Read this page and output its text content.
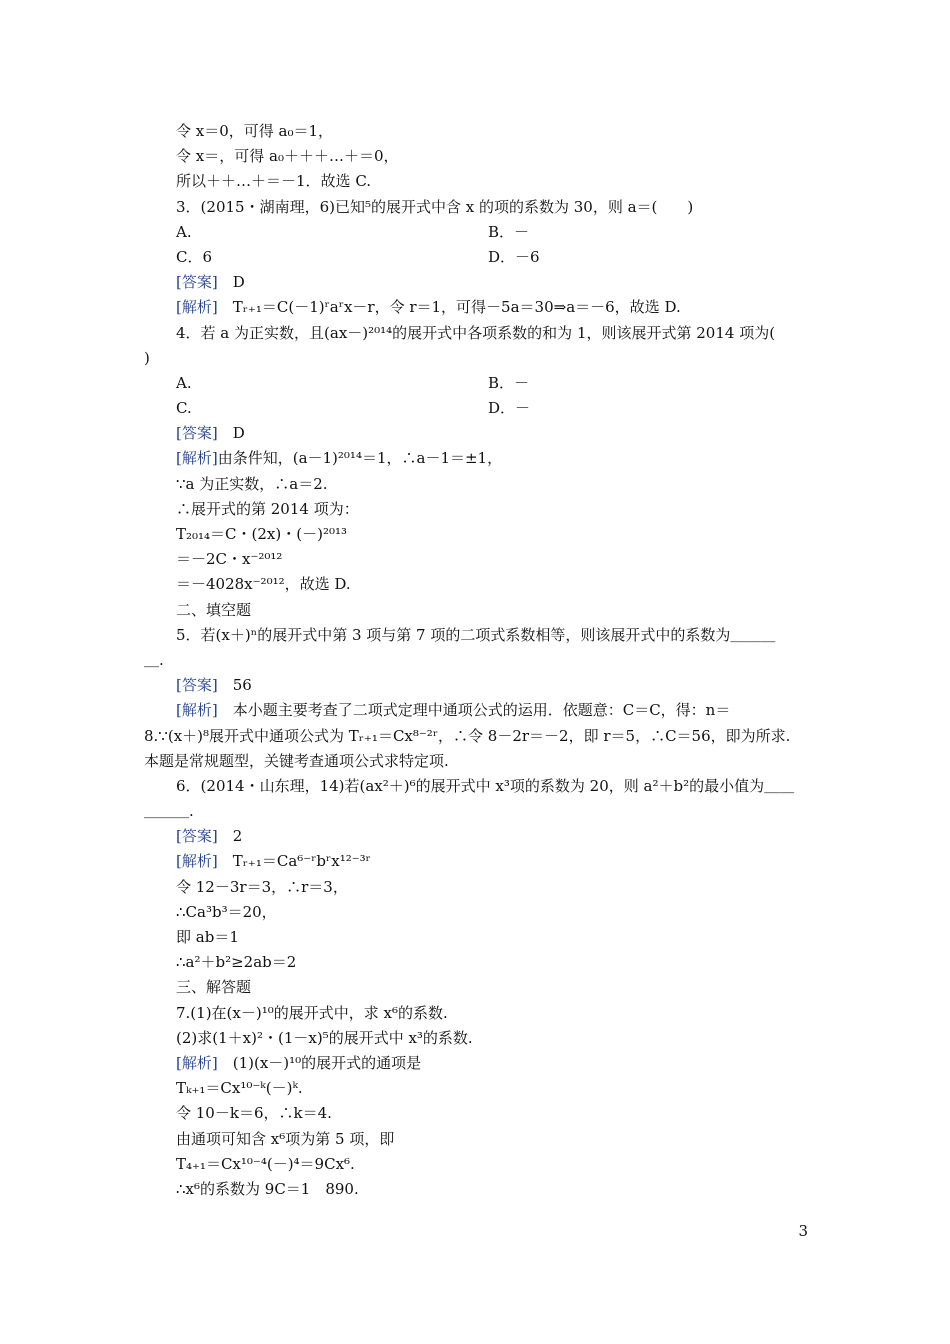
令 x＝0，可得 a₀＝1，
令 x＝，可得 a₀＋＋＋…＋＝0，
所以＋＋…＋＝－1．故选 C.
3．(2015・湖南理，6)已知⁵的展开式中含 x 的项的系数为 30，则 a＝(　　)
A.	B．－
C．6	D．－6
[答案]　D
[解析]　Tᵣ₊₁＝C(－1)ʳaʳx－r，令 r＝1，可得－5a＝30⇒a＝－6，故选 D.
4．若 a 为正实数，且(ax－)²⁰¹⁴的展开式中各项系数的和为 1，则该展开式第 2014 项为(
)
A.	B．－
C.	D．－
[答案]　D
[解析]由条件知，(a－1)²⁰¹⁴＝1，∴a－1＝±1，
∵a 为正实数，∴a＝2.
∴展开式的第 2014 项为：
T₂₀₁₄＝C・(2x)・(－)²⁰¹³
＝－2C・x⁻²⁰¹²
＝－4028x⁻²⁰¹²，故选 D.
二、填空题
5．若(x＋)ⁿ的展开式中第 3 项与第 7 项的二项式系数相等，则该展开式中的系数为＿＿＿
＿.
[答案]　56
[解析]　本小题主要考查了二项式定理中通项公式的运用．依题意：C＝C，得：n＝
8.∵(x＋)⁸展开式中通项公式为 Tᵣ₊₁＝Cx⁸⁻²ʳ，∴令 8－2r＝－2，即 r＝5，∴C＝56，即为所求.
本题是常规题型，关键考查通项公式求特定项.
6．(2014・山东理，14)若(ax²＋)⁶的展开式中 x³项的系数为 20，则 a²＋b²的最小值为＿＿
＿＿＿.
[答案]　2
[解析]　Tᵣ₊₁＝Ca⁶⁻ʳbʳx¹²⁻³ʳ
令 12－3r＝3，∴r＝3，
∴Ca³b³＝20，
即 ab＝1
∴a²＋b²≥2ab＝2
三、解答题
7.(1)在(x－)¹⁰的展开式中，求 x⁶的系数.
(2)求(1＋x)²・(1－x)⁵的展开式中 x³的系数.
[解析]　(1)(x－)¹⁰的展开式的通项是
Tₖ₊₁＝Cx¹⁰⁻ᵏ(－)ᵏ.
令 10－k＝6，∴k＝4.
由通项可知含 x⁶项为第 5 项，即
T₄₊₁＝Cx¹⁰⁻⁴(－)⁴＝9Cx⁶.
∴x⁶的系数为 9C＝1　890.
3
